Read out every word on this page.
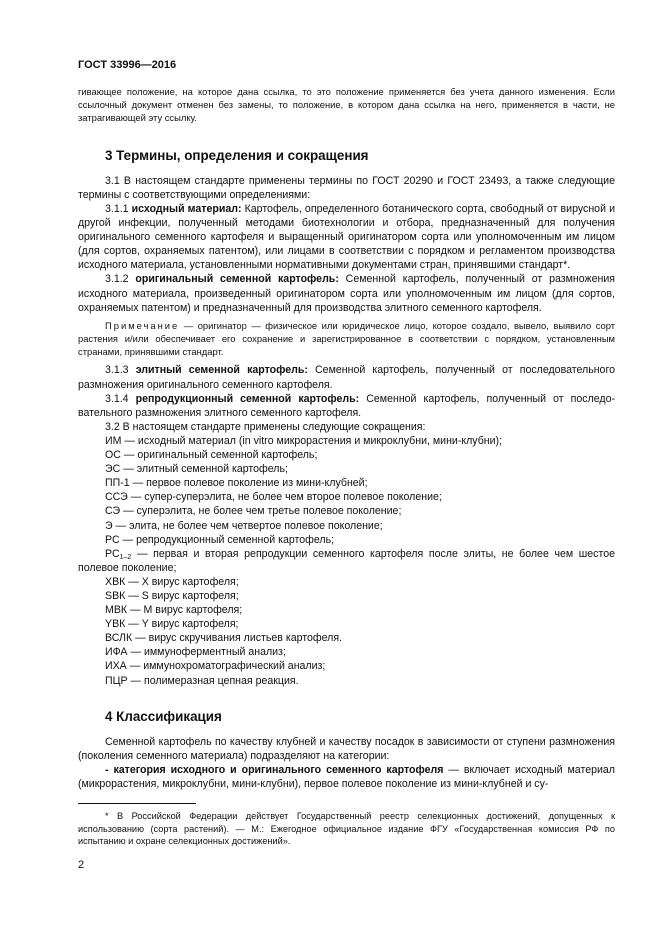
ГОСТ 33996—2016

гивающее положение, на которое дана ссылка, то это положение применяется без учета данного изменения. Если ссылочный документ отменен без замены, то положение, в котором дана ссылка на него, применяется в части, не затрагивающей эту ссылку.

3 Термины, определения и сокращения

3.1 В настоящем стандарте применены термины по ГОСТ 20290 и ГОСТ 23493, а также следующие термины с соответствующими определениями:

3.1.1 исходный материал: Картофель, определенного ботанического сорта, свободный от вирусной и другой инфекции, полученный методами биотехнологии и отбора, предназначенный для получения оригинального семенного картофеля и выращенный оригинатором сорта или уполномоченным им лицом (для сортов, охраняемых патентом), или лицами в соответствии с порядком и регламентом производства исходного материала, установленными нормативными документами стран, принявшими стандарт*.

3.1.2 оригинальный семенной картофель: Семенной картофель, полученный от размножения исходного материала, произведенный оригинатором сорта или уполномоченным им лицом (для сортов, охраняемых патентом) и предназначенный для производства элитного семенного картофеля.

Примечание — оригинатор — физическое или юридическое лицо, которое создало, вывело, выявило сорт растения и/или обеспечивает его сохранение и зарегистрированное в соответствии с порядком, установленным странами, принявшими стандарт.

3.1.3 элитный семенной картофель: Семенной картофель, полученный от последовательного размножения оригинального семенного картофеля.

3.1.4 репродукционный семенной картофель: Семенной картофель, полученный от последовательного размножения элитного семенного картофеля.

3.2 В настоящем стандарте применены следующие сокращения:

ИМ — исходный материал (in vitro микрорастения и микроклубни, мини-клубни);

ОС — оригинальный семенной картофель;

ЭС — элитный семенной картофель;

ПП-1 — первое полевое поколение из мини-клубней;

ССЭ — супер-суперэлита, не более чем второе полевое поколение;

СЭ — суперэлита, не более чем третье полевое поколение;

Э — элита, не более чем четвертое полевое поколение;

РС — репродукционный семенной картофель;

$РС_{1-2}$ — первая и вторая репродукции семенного картофеля после элиты, не более чем шестое полевое поколение;

ХВК — Х вирус картофеля;

SВК — S вирус картофеля;

МВК — М вирус картофеля;

YВК — Y вирус картофеля;

ВСЛК — вирус скручивания листьев картофеля.

ИФА — иммуноферментный анализ;

ИХА — иммунохроматографический анализ;

ПЦР — полимеразная цепная реакция.

4 Классификация

Семенной картофель по качеству клубней и качеству посадок в зависимости от ступени размножения (поколения семенного материала) подразделяют на категории:

- категория исходного и оригинального семенного картофеля — включает исходный материал (микрорастения, микроклубни, мини-клубни), первое полевое поколение из мини-клубней и су-

* В Российской Федерации действует Государственный реестр селекционных достижений, допущенных к использованию (сорта растений). — М.: Ежегодное официальное издание ФГУ «Государственная комиссия РФ по испытанию и охране селекционных достижений».

2
